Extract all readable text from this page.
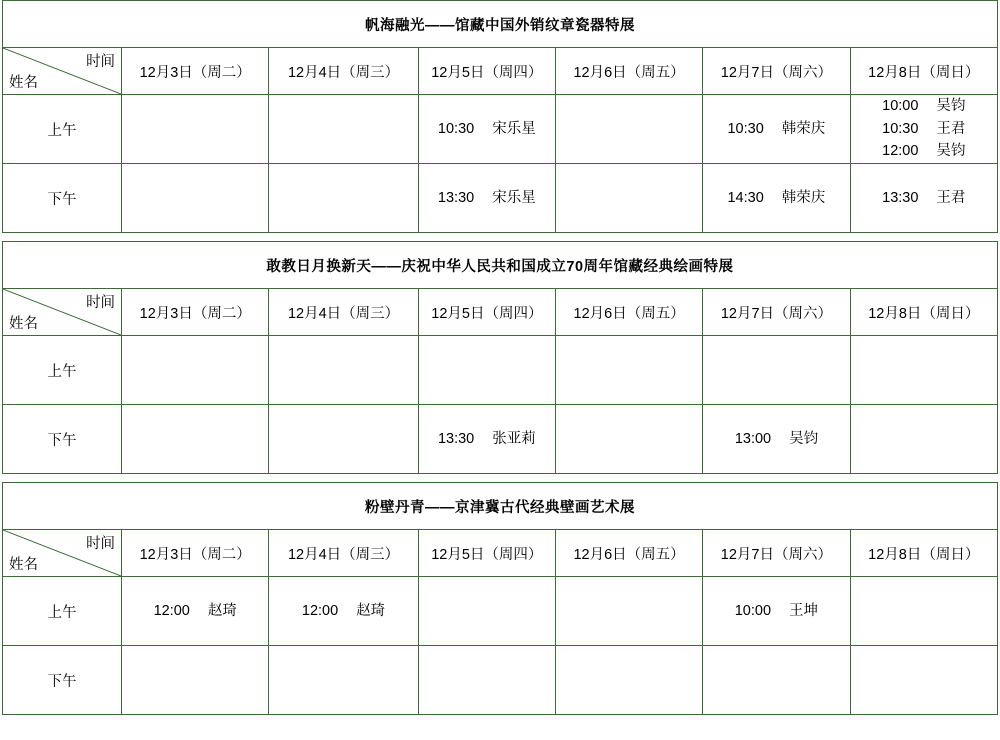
帆海融光——馆藏中国外销纹章瓷器特展						

时间
姓名	12月3日（周二）	12月4日（周三）	12月5日（周四）	12月6日（周五）	12月7日（周六）	12月8日（周日）
上午			10:30 宋乐星		10:30 韩荣庆	10:00 吴钧
10:30 王君
12:00 吴钧

下午			13:30 宋乐星		14:30 韩荣庆	13:30 王君
敢教日月换新天——庆祝中华人民共和国成立70周年馆藏经典绘画特展						

时间
姓名	12月3日（周二）	12月4日（周三）	12月5日（周四）	12月6日（周五）	12月7日（周六）	12月8日（周日）
上午						
下午			13:30 张亚莉		13:00 吴钧	

粉壁丹青——京津冀古代经典壁画艺术展						

时间
姓名	12月3日（周二）	12月4日（周三）	12月5日（周四）	12月6日（周五）	12月7日（周六）	12月8日（周日）
上午	12:00 赵琦	12:00 赵琦			10:00 王坤	

下午						
